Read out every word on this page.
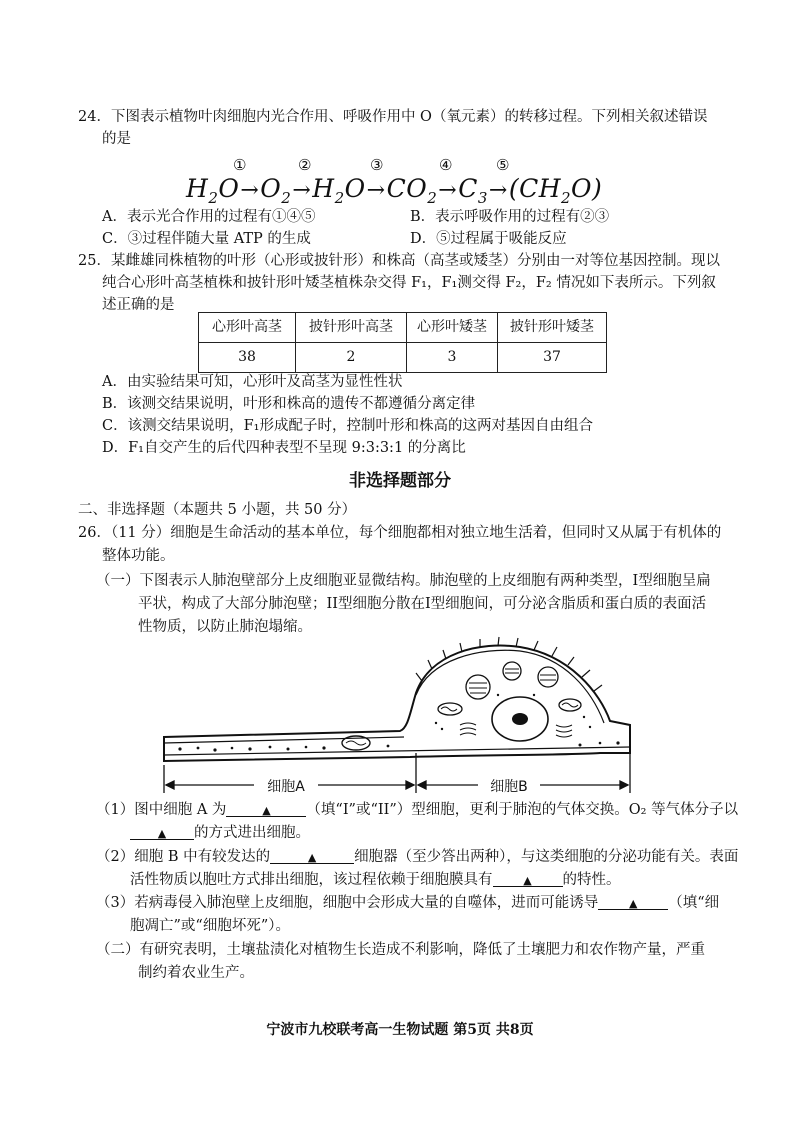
24．下图表示植物叶肉细胞内光合作用、呼吸作用中 O（氧元素）的转移过程。下列相关叙述错误
的是
①	②	③	④	⑤
$H_2O\to O_2\to H_2O\to CO_2\to C_3\to(CH_2O)$
A．表示光合作用的过程有①④⑤	B．表示呼吸作用的过程有②③
C．③过程伴随大量 ATP 的生成	D．⑤过程属于吸能反应
25．某雌雄同株植物的叶形（心形或披针形）和株高（高茎或矮茎）分别由一对等位基因控制。现以
纯合心形叶高茎植株和披针形叶矮茎植株杂交得 F₁，F₁测交得 F₂，F₂ 情况如下表所示。下列叙
述正确的是
心形叶高茎	披针形叶高茎	心形叶矮茎	披针形叶矮茎
38	2	3	37
A．由实验结果可知，心形叶及高茎为显性性状
B．该测交结果说明，叶形和株高的遗传不都遵循分离定律
C．该测交结果说明，F₁形成配子时，控制叶形和株高的这两对基因自由组合
D．F₁自交产生的后代四种表型不呈现 9:3:3:1 的分离比
非选择题部分
二、非选择题（本题共 5 小题，共 50 分）
26．（11 分）细胞是生命活动的基本单位，每个细胞都相对独立地生活着，但同时又从属于有机体的
整体功能。
（一）下图表示人肺泡壁部分上皮细胞亚显微结构。肺泡壁的上皮细胞有两种类型，I型细胞呈扁
平状，构成了大部分肺泡壁；II型细胞分散在I型细胞间，可分泌含脂质和蛋白质的表面活
性物质，以防止肺泡塌缩。
细胞A	细胞B
（1）图中细胞 A 为	▲ （填“I”或“II”）型细胞，更利于肺泡的气体交换。O₂ 等气体分子以
▲ 的方式进出细胞。
（2）细胞 B 中有较发达的	▲	细胞器（至少答出两种），与这类细胞的分泌功能有关。表面
活性物质以胞吐方式排出细胞，该过程依赖于细胞膜具有	▲ 的特性。
（3）若病毒侵入肺泡壁上皮细胞，细胞中会形成大量的自噬体，进而可能诱导	▲ （填“细
胞凋亡”或“细胞坏死”）。
（二）有研究表明，土壤盐渍化对植物生长造成不利影响，降低了土壤肥力和农作物产量，严重
制约着农业生产。
宁波市九校联考高一生物试题 第5页 共8页
